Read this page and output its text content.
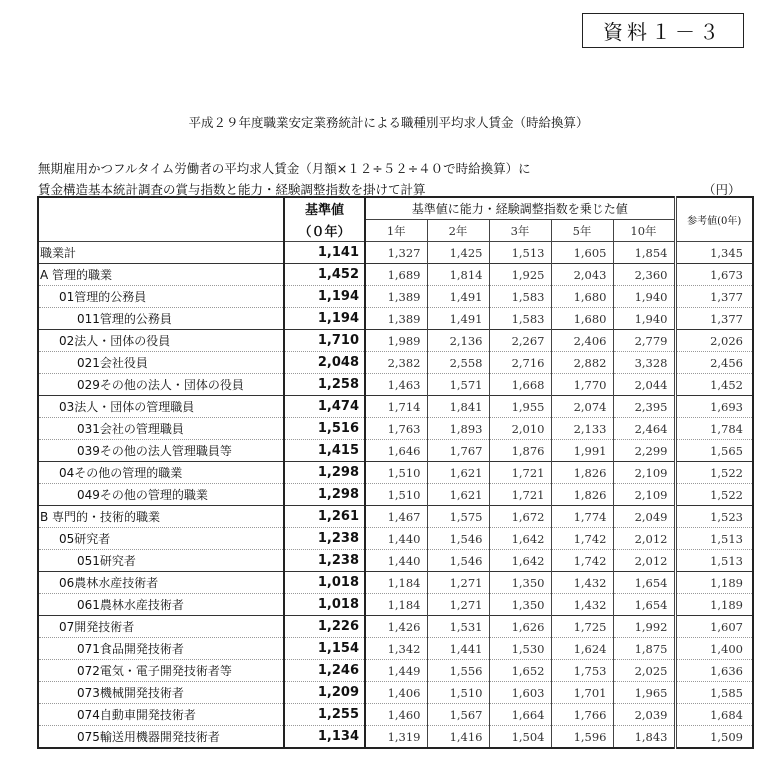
資料１－３
平成２９年度職業安定業務統計による職種別平均求人賃金（時給換算）
無期雇用かつフルタイム労働者の平均求人賃金（月額×１２÷５２÷４０で時給換算）に
賃金構造基本統計調査の賞与指数と能力・経験調整指数を掛けて計算	（円）
	基準値	基準値に能力・経験調整指数を乗じた値					参考値(0年)
	（０年）	1年	2年	3年	5年	10年	
職業計	1,141	1,327	1,425	1,513	1,605	1,854	1,345
A 管理的職業	1,452	1,689	1,814	1,925	2,043	2,360	1,673
01管理的公務員	1,194	1,389	1,491	1,583	1,680	1,940	1,377
011管理的公務員	1,194	1,389	1,491	1,583	1,680	1,940	1,377
02法人・団体の役員	1,710	1,989	2,136	2,267	2,406	2,779	2,026
021会社役員	2,048	2,382	2,558	2,716	2,882	3,328	2,456
029その他の法人・団体の役員	1,258	1,463	1,571	1,668	1,770	2,044	1,452
03法人・団体の管理職員	1,474	1,714	1,841	1,955	2,074	2,395	1,693
031会社の管理職員	1,516	1,763	1,893	2,010	2,133	2,464	1,784
039その他の法人管理職員等	1,415	1,646	1,767	1,876	1,991	2,299	1,565
04その他の管理的職業	1,298	1,510	1,621	1,721	1,826	2,109	1,522
049その他の管理的職業	1,298	1,510	1,621	1,721	1,826	2,109	1,522
B 専門的・技術的職業	1,261	1,467	1,575	1,672	1,774	2,049	1,523
05研究者	1,238	1,440	1,546	1,642	1,742	2,012	1,513
051研究者	1,238	1,440	1,546	1,642	1,742	2,012	1,513
06農林水産技術者	1,018	1,184	1,271	1,350	1,432	1,654	1,189
061農林水産技術者	1,018	1,184	1,271	1,350	1,432	1,654	1,189
07開発技術者	1,226	1,426	1,531	1,626	1,725	1,992	1,607
071食品開発技術者	1,154	1,342	1,441	1,530	1,624	1,875	1,400
072電気・電子開発技術者等	1,246	1,449	1,556	1,652	1,753	2,025	1,636
073機械開発技術者	1,209	1,406	1,510	1,603	1,701	1,965	1,585
074自動車開発技術者	1,255	1,460	1,567	1,664	1,766	2,039	1,684
075輸送用機器開発技術者	1,134	1,319	1,416	1,504	1,596	1,843	1,509
